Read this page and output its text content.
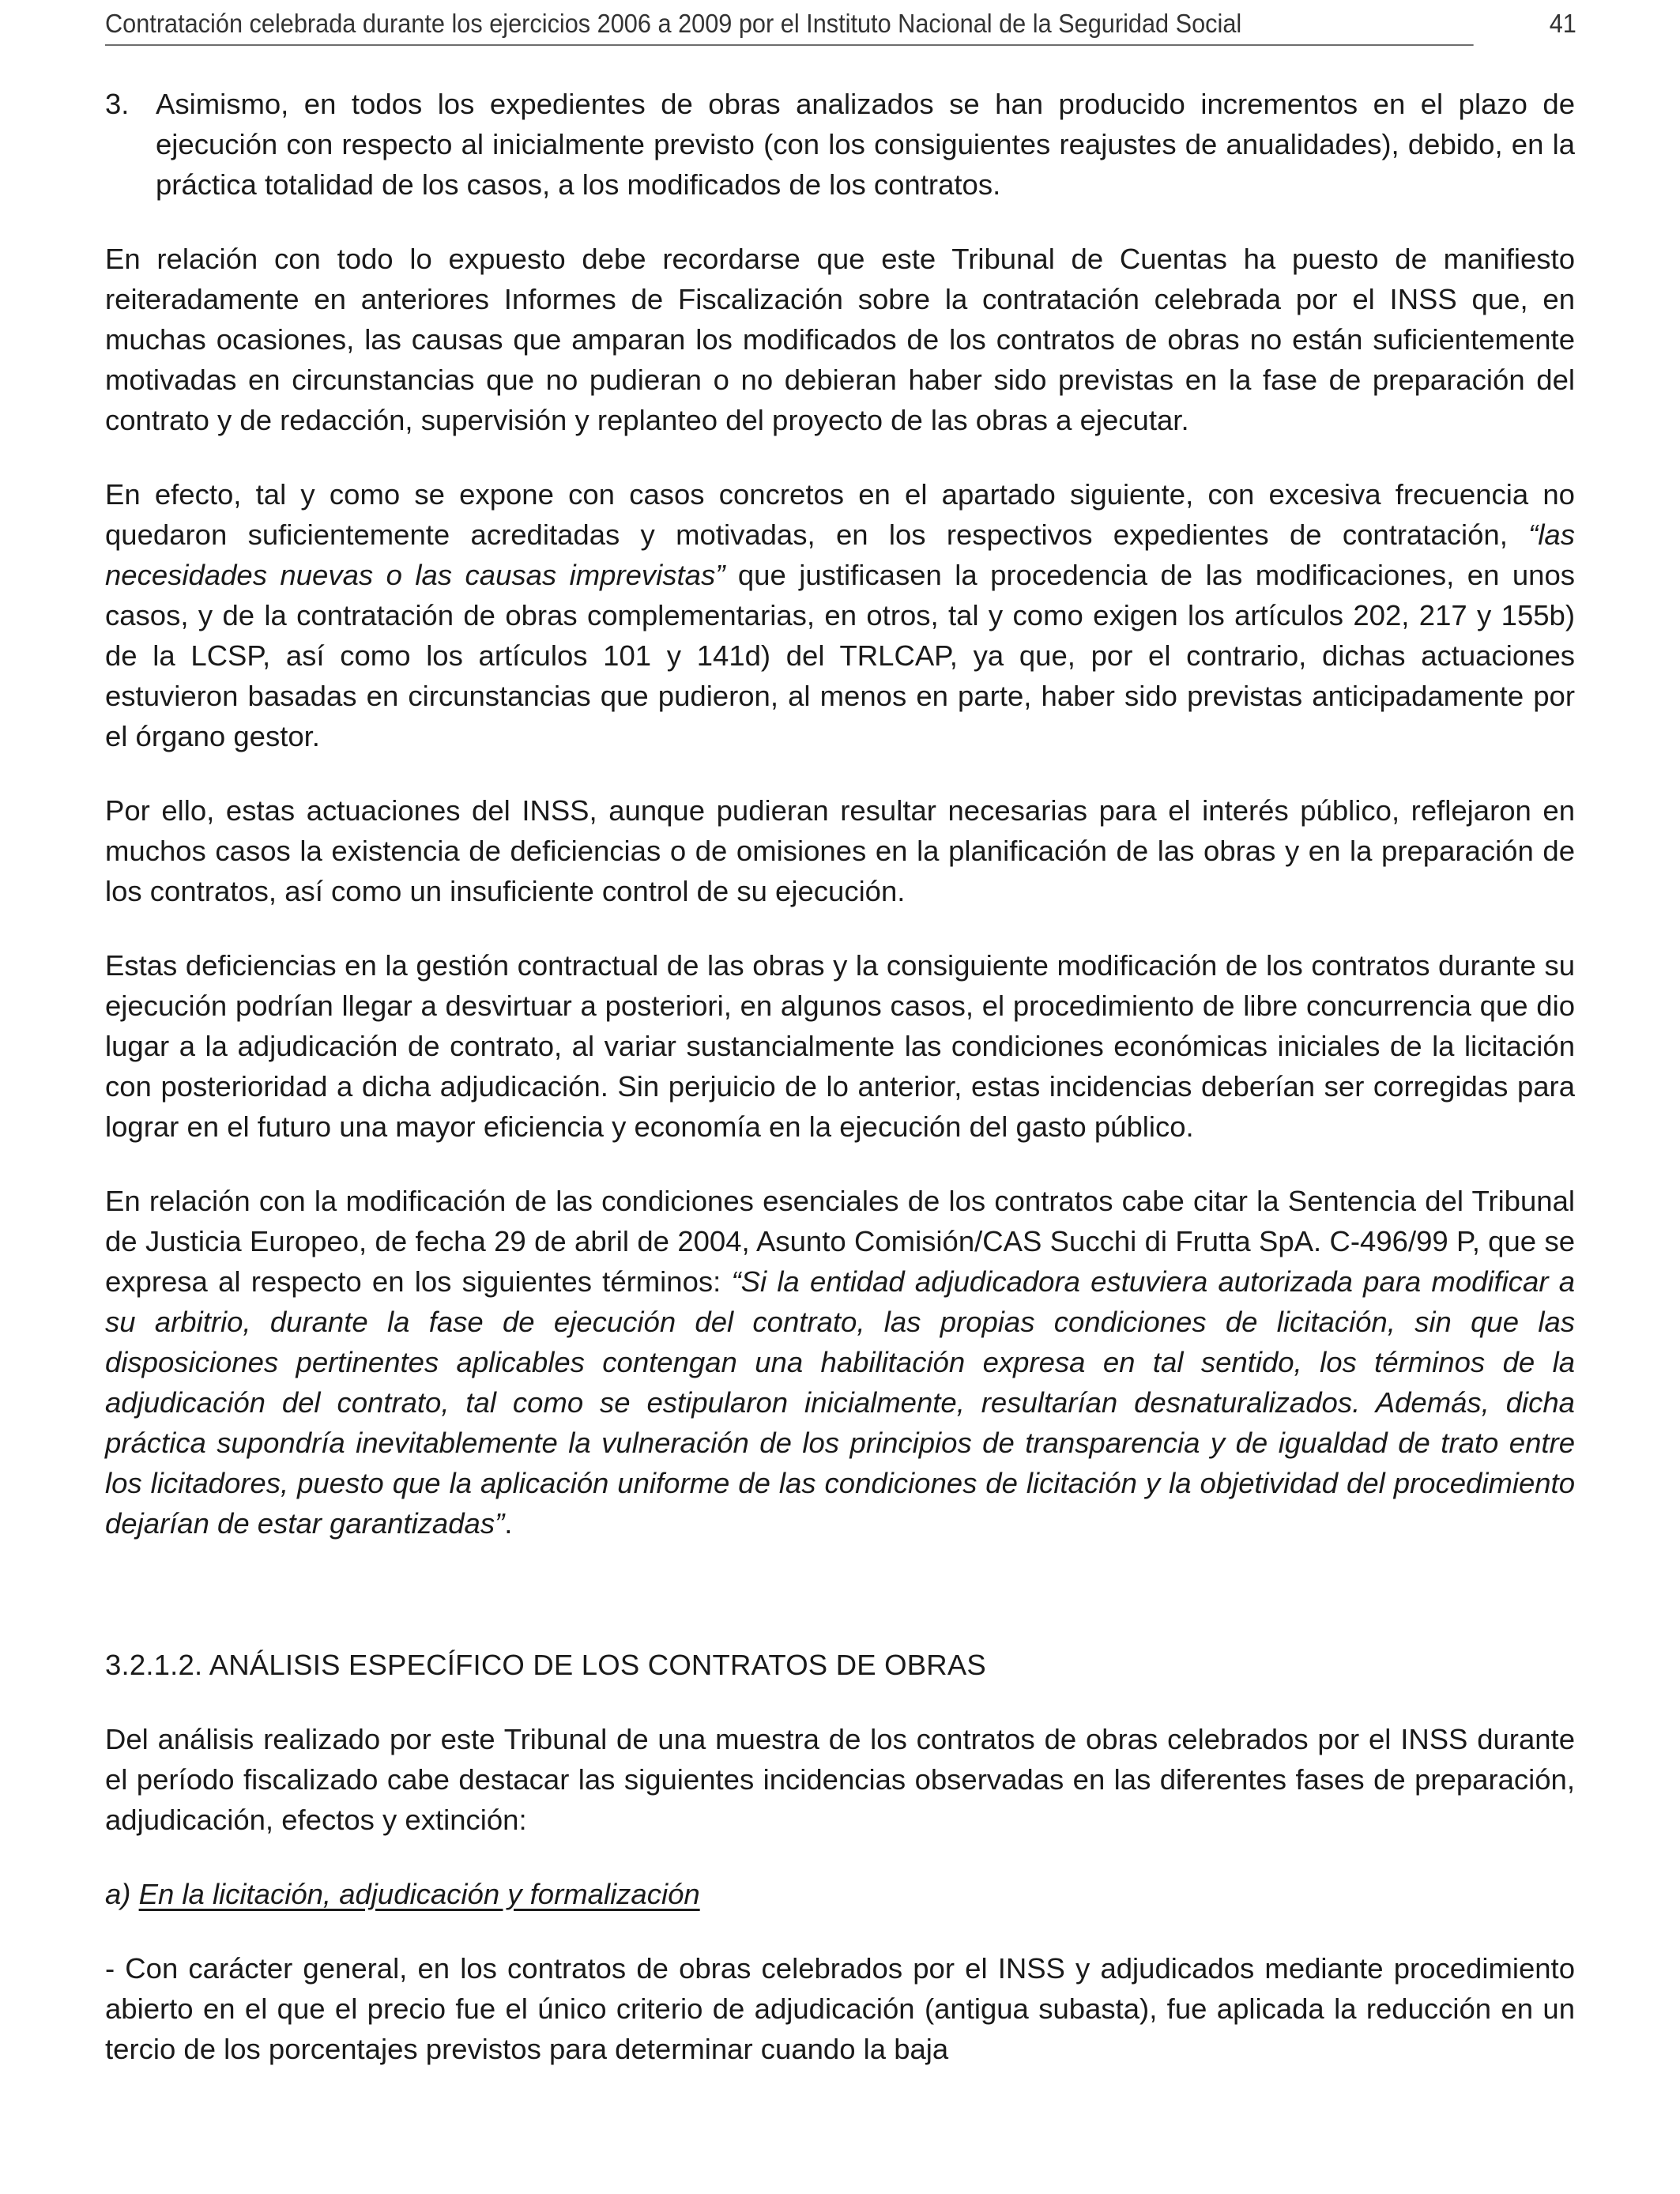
Contratación celebrada durante los ejercicios 2006 a 2009 por el Instituto Nacional de la Seguridad Social	41

3. Asimismo, en todos los expedientes de obras analizados se han producido incrementos en el plazo de ejecución con respecto al inicialmente previsto (con los consiguientes reajustes de anualidades), debido, en la práctica totalidad de los casos, a los modificados de los contratos.

En relación con todo lo expuesto debe recordarse que este Tribunal de Cuentas ha puesto de manifiesto reiteradamente en anteriores Informes de Fiscalización sobre la contratación celebrada por el INSS que, en muchas ocasiones, las causas que amparan los modificados de los contratos de obras no están suficientemente motivadas en circunstancias que no pudieran o no debieran haber sido previstas en la fase de preparación del contrato y de redacción, supervisión y replanteo del proyecto de las obras a ejecutar.

En efecto, tal y como se expone con casos concretos en el apartado siguiente, con excesiva frecuencia no quedaron suficientemente acreditadas y motivadas, en los respectivos expedientes de contratación, “las necesidades nuevas o las causas imprevistas” que justificasen la procedencia de las modificaciones, en unos casos, y de la contratación de obras complementarias, en otros, tal y como exigen los artículos 202, 217 y 155b) de la LCSP, así como los artículos 101 y 141d) del TRLCAP, ya que, por el contrario, dichas actuaciones estuvieron basadas en circunstancias que pudieron, al menos en parte, haber sido previstas anticipadamente por el órgano gestor.

Por ello, estas actuaciones del INSS, aunque pudieran resultar necesarias para el interés público, reflejaron en muchos casos la existencia de deficiencias o de omisiones en la planificación de las obras y en la preparación de los contratos, así como un insuficiente control de su ejecución.

Estas deficiencias en la gestión contractual de las obras y la consiguiente modificación de los contratos durante su ejecución podrían llegar a desvirtuar a posteriori, en algunos casos, el procedimiento de libre concurrencia que dio lugar a la adjudicación de contrato, al variar sustancialmente las condiciones económicas iniciales de la licitación con posterioridad a dicha adjudicación. Sin perjuicio de lo anterior, estas incidencias deberían ser corregidas para lograr en el futuro una mayor eficiencia y economía en la ejecución del gasto público.

En relación con la modificación de las condiciones esenciales de los contratos cabe citar la Sentencia del Tribunal de Justicia Europeo, de fecha 29 de abril de 2004, Asunto Comisión/CAS Succhi di Frutta SpA. C-496/99 P, que se expresa al respecto en los siguientes términos: “Si la entidad adjudicadora estuviera autorizada para modificar a su arbitrio, durante la fase de ejecución del contrato, las propias condiciones de licitación, sin que las disposiciones pertinentes aplicables contengan una habilitación expresa en tal sentido, los términos de la adjudicación del contrato, tal como se estipularon inicialmente, resultarían desnaturalizados. Además, dicha práctica supondría inevitablemente la vulneración de los principios de transparencia y de igualdad de trato entre los licitadores, puesto que la aplicación uniforme de las condiciones de licitación y la objetividad del procedimiento dejarían de estar garantizadas”.

3.2.1.2. ANÁLISIS ESPECÍFICO DE LOS CONTRATOS DE OBRAS

Del análisis realizado por este Tribunal de una muestra de los contratos de obras celebrados por el INSS durante el período fiscalizado cabe destacar las siguientes incidencias observadas en las diferentes fases de preparación, adjudicación, efectos y extinción:

a) En la licitación, adjudicación y formalización

- Con carácter general, en los contratos de obras celebrados por el INSS y adjudicados mediante procedimiento abierto en el que el precio fue el único criterio de adjudicación (antigua subasta), fue aplicada la reducción en un tercio de los porcentajes previstos para determinar cuando la baja
